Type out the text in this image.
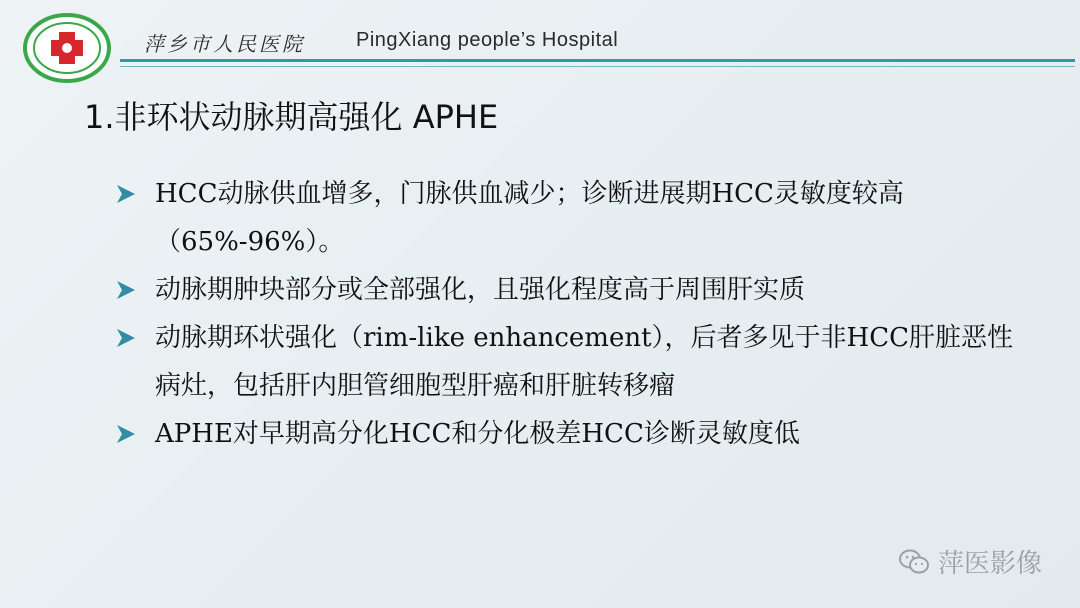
萍乡市人民医院	PingXiang people’s Hospital
1.非环状动脉期高强化 APHE
HCC动脉供血增多，门脉供血减少；诊断进展期HCC灵敏度较高（65%-96%）。
动脉期肿块部分或全部强化，且强化程度高于周围肝实质
动脉期环状强化（rim-like enhancement），后者多见于非HCC肝脏恶性病灶，包括肝内胆管细胞型肝癌和肝脏转移瘤
APHE对早期高分化HCC和分化极差HCC诊断灵敏度低
萍医影像
